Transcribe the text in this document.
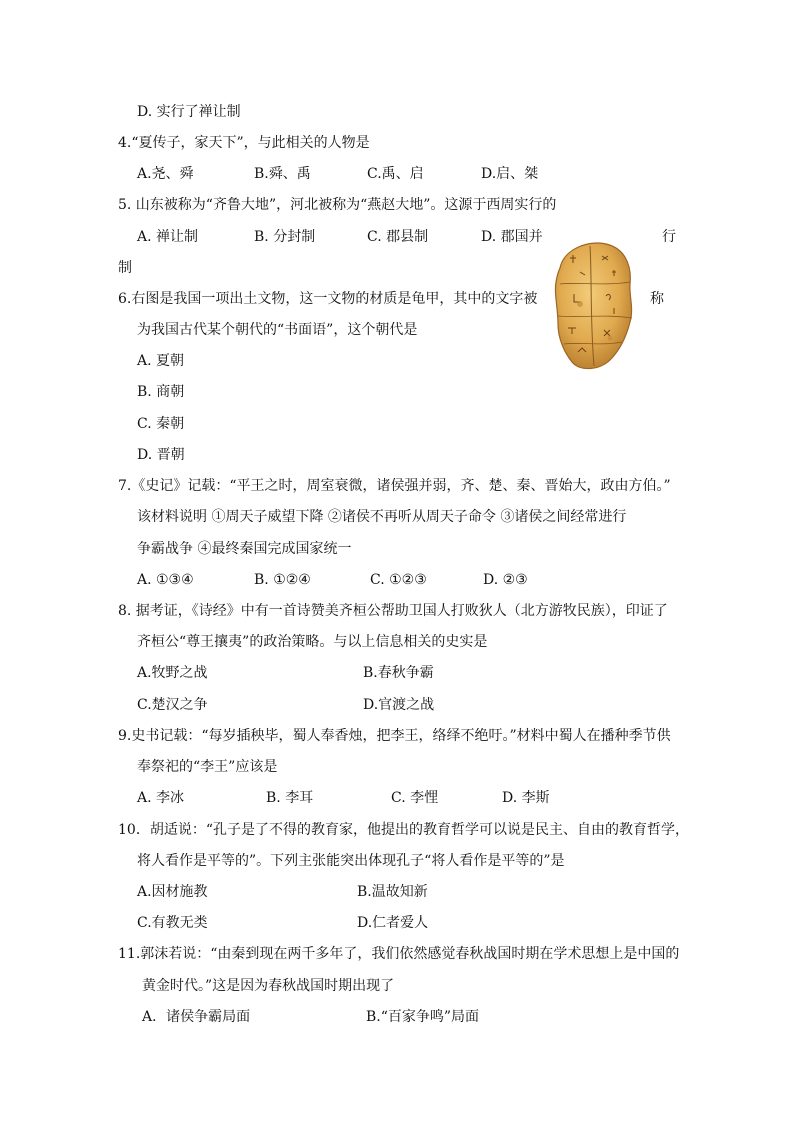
D. 实行了禅让制
4.“夏传子，家天下”，与此相关的人物是
A.尧、舜	B.舜、禹	C.禹、启	D.启、桀
5. 山东被称为“齐鲁大地”，河北被称为“燕赵大地”。这源于西周实行的
A. 禅让制	B. 分封制	C. 郡县制	D. 郡国并	行
制
6.右图是我国一项出土文物，这一文物的材质是龟甲，其中的文字被	称
为我国古代某个朝代的“书面语”，这个朝代是
A. 夏朝
B. 商朝
C. 秦朝
D. 晋朝
7.《史记》记载：“平王之时，周室衰微，诸侯强并弱，齐、楚、秦、晋始大，政由方伯。”
该材料说明 ①周天子威望下降 ②诸侯不再听从周天子命令 ③诸侯之间经常进行
争霸战争 ④最终秦国完成国家统一
A. ①③④	B. ①②④	C. ①②③	D. ②③
8. 据考证，《诗经》中有一首诗赞美齐桓公帮助卫国人打败狄人（北方游牧民族），印证了
齐桓公“尊王攘夷”的政治策略。与以上信息相关的史实是
A.牧野之战	B.春秋争霸
C.楚汉之争	D.官渡之战
9.史书记载：“每岁插秧毕，蜀人奉香烛，把李王，络绎不绝吁。”材料中蜀人在播种季节供
奉祭祀的“李王”应该是
A. 李冰	B. 李耳	C. 李悝	D. 李斯
10．胡适说：“孔子是了不得的教育家，他提出的教育哲学可以说是民主、自由的教育哲学，
将人看作是平等的”。下列主张能突出体现孔子“将人看作是平等的”是
A.因材施教	B.温故知新
C.有教无类	D.仁者爱人
11.郭沫若说：“由秦到现在两千多年了，我们依然感觉春秋战国时期在学术思想上是中国的
黄金时代。”这是因为春秋战国时期出现了
A．诸侯争霸局面	B.“百家争鸣”局面
